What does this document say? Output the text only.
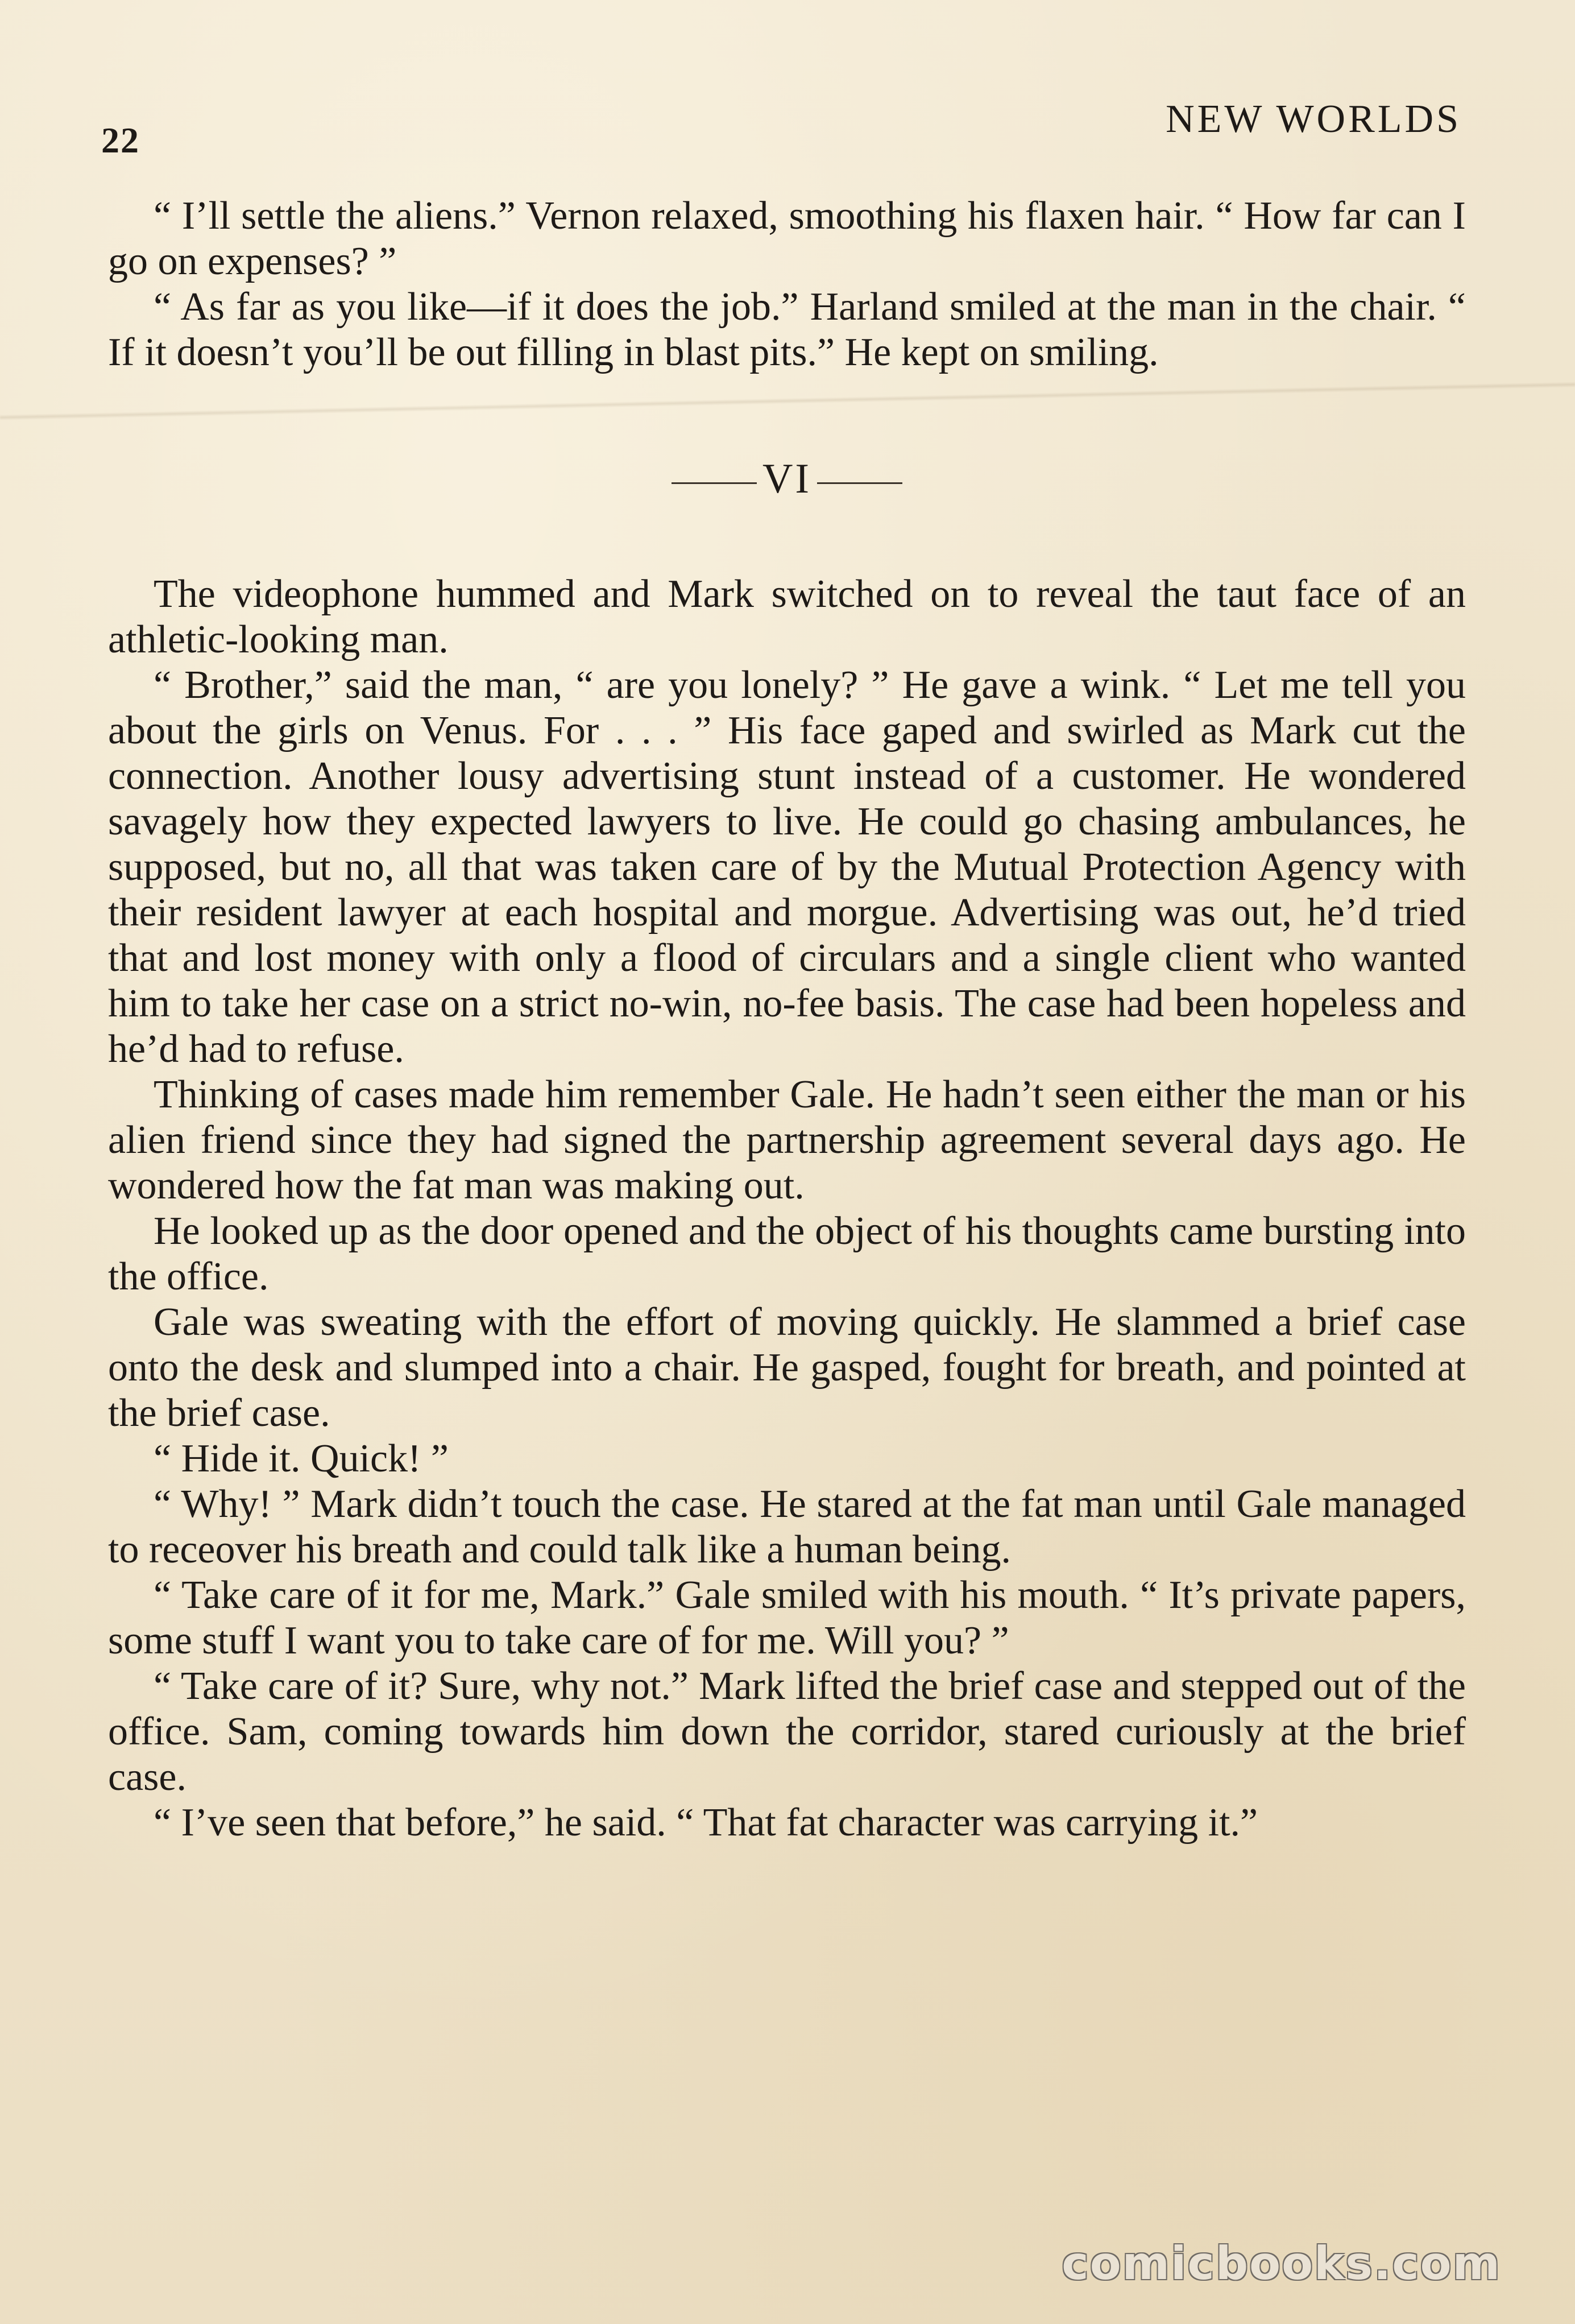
22	NEW WORLDS

“ I’ll settle the aliens.” Vernon relaxed, smoothing his flaxen hair. “ How far can I go on expenses? ”

“ As far as you like—if it does the job.” Harland smiled at the man in the chair. “ If it doesn’t you’ll be out filling in blast pits.” He kept on smiling.

VI

The videophone hummed and Mark switched on to reveal the taut face of an athletic-looking man.

“ Brother,” said the man, “ are you lonely? ” He gave a wink. “ Let me tell you about the girls on Venus. For . . . ” His face gaped and swirled as Mark cut the connection. Another lousy advertising stunt instead of a customer. He wondered savagely how they expected lawyers to live. He could go chasing ambulances, he supposed, but no, all that was taken care of by the Mutual Protection Agency with their resident lawyer at each hospital and morgue. Advertising was out, he’d tried that and lost money with only a flood of circulars and a single client who wanted him to take her case on a strict no-win, no-fee basis. The case had been hopeless and he’d had to refuse.

Thinking of cases made him remember Gale. He hadn’t seen either the man or his alien friend since they had signed the partnership agreement several days ago. He wondered how the fat man was making out.

He looked up as the door opened and the object of his thoughts came bursting into the office.

Gale was sweating with the effort of moving quickly. He slammed a brief case onto the desk and slumped into a chair. He gasped, fought for breath, and pointed at the brief case.

“ Hide it. Quick! ”

“ Why! ” Mark didn’t touch the case. He stared at the fat man until Gale managed to receover his breath and could talk like a human being.

“ Take care of it for me, Mark.” Gale smiled with his mouth. “ It’s private papers, some stuff I want you to take care of for me. Will you? ”

“ Take care of it? Sure, why not.” Mark lifted the brief case and stepped out of the office. Sam, coming towards him down the corridor, stared curiously at the brief case.

“ I’ve seen that before,” he said. “ That fat character was carrying it.”

comicbooks.com
